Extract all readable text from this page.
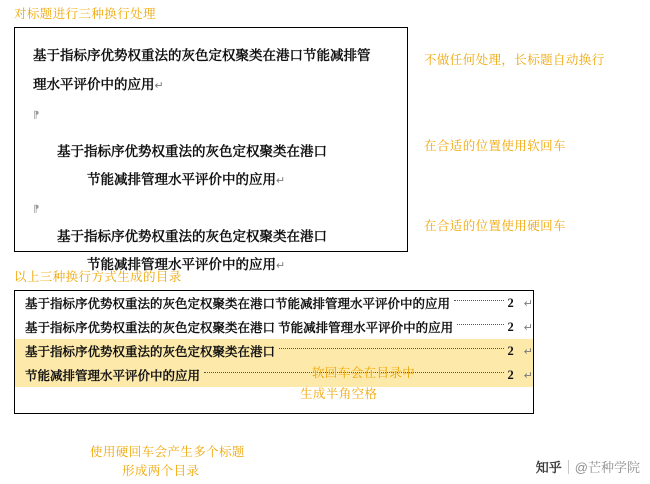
对标题进行三种换行处理
基于指标序优势权重法的灰色定权聚类在港口节能减排管
理水平评价中的应用↵
⁋
基于指标序优势权重法的灰色定权聚类在港口
节能减排管理水平评价中的应用↵
⁋
基于指标序优势权重法的灰色定权聚类在港口
节能减排管理水平评价中的应用↵
不做任何处理，长标题自动换行
在合适的位置使用软回车
在合适的位置使用硬回车
以上三种换行方式生成的目录
基于指标序优势权重法的灰色定权聚类在港口节能减排管理水平评价中的应用	2 ↵
基于指标序优势权重法的灰色定权聚类在港口 节能减排管理水平评价中的应用	2 ↵
基于指标序优势权重法的灰色定权聚类在港口	2 ↵
节能减排管理水平评价中的应用	2 ↵
软回车会在目录中
生成半角空格
使用硬回车会产生多个标题
形成两个目录	知乎 @芒种学院
